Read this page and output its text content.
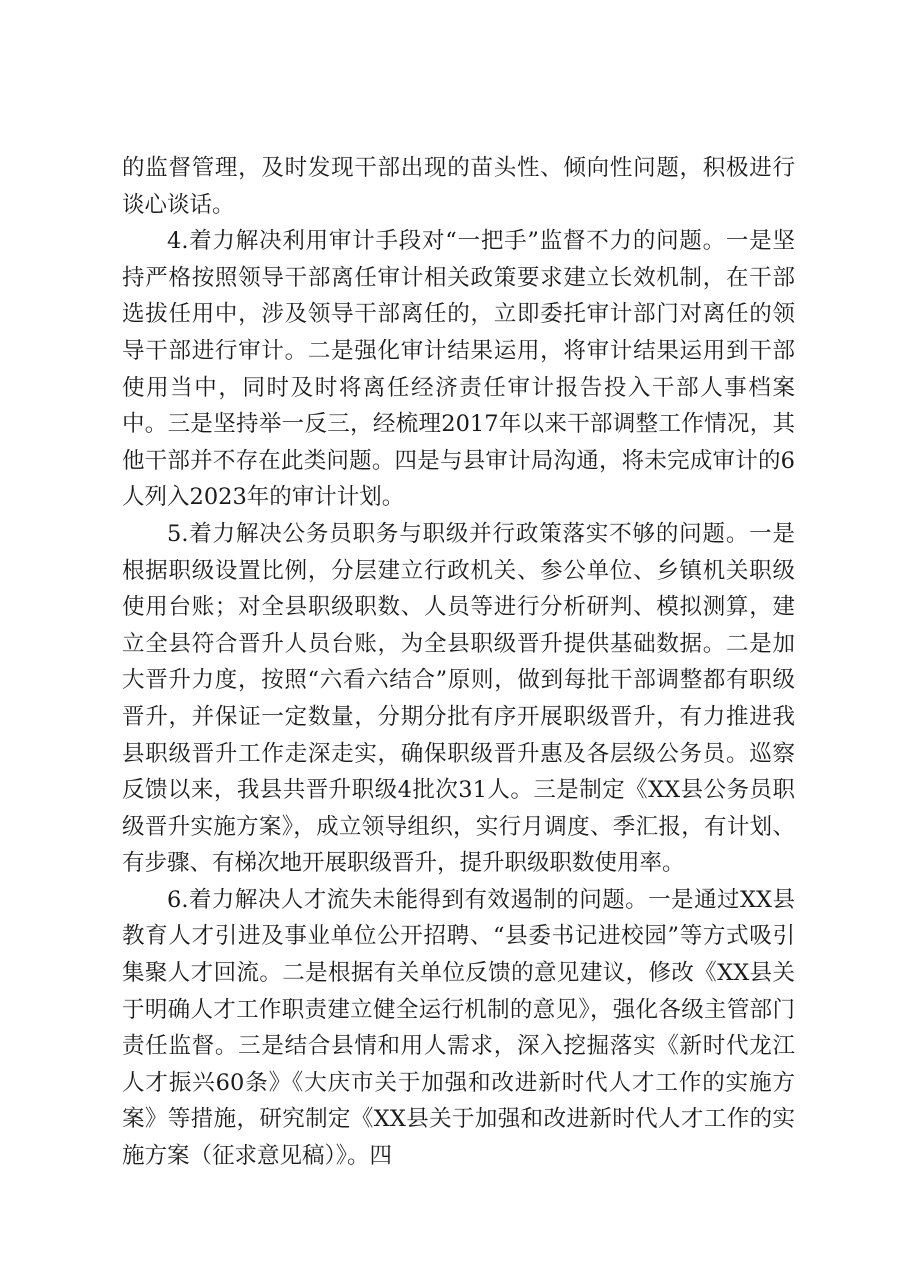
的监督管理，及时发现干部出现的苗头性、倾向性问题，积极进行谈心谈话。

4.着力解决利用审计手段对“一把手”监督不力的问题。一是坚持严格按照领导干部离任审计相关政策要求建立长效机制，在干部选拔任用中，涉及领导干部离任的，立即委托审计部门对离任的领导干部进行审计。二是强化审计结果运用，将审计结果运用到干部使用当中，同时及时将离任经济责任审计报告投入干部人事档案中。三是坚持举一反三，经梳理2017年以来干部调整工作情况，其他干部并不存在此类问题。四是与县审计局沟通，将未完成审计的6人列入2023年的审计计划。

5.着力解决公务员职务与职级并行政策落实不够的问题。一是根据职级设置比例，分层建立行政机关、参公单位、乡镇机关职级使用台账；对全县职级职数、人员等进行分析研判、模拟测算，建立全县符合晋升人员台账，为全县职级晋升提供基础数据。二是加大晋升力度，按照“六看六结合”原则，做到每批干部调整都有职级晋升，并保证一定数量，分期分批有序开展职级晋升，有力推进我县职级晋升工作走深走实，确保职级晋升惠及各层级公务员。巡察反馈以来，我县共晋升职级4批次31人。三是制定《XX县公务员职级晋升实施方案》，成立领导组织，实行月调度、季汇报，有计划、有步骤、有梯次地开展职级晋升，提升职级职数使用率。

6.着力解决人才流失未能得到有效遏制的问题。一是通过XX县教育人才引进及事业单位公开招聘、“县委书记进校园”等方式吸引集聚人才回流。二是根据有关单位反馈的意见建议，修改《XX县关于明确人才工作职责建立健全运行机制的意见》，强化各级主管部门责任监督。三是结合县情和用人需求，深入挖掘落实《新时代龙江人才振兴60条》《大庆市关于加强和改进新时代人才工作的实施方案》等措施，研究制定《XX县关于加强和改进新时代人才工作的实施方案（征求意见稿）》。四
